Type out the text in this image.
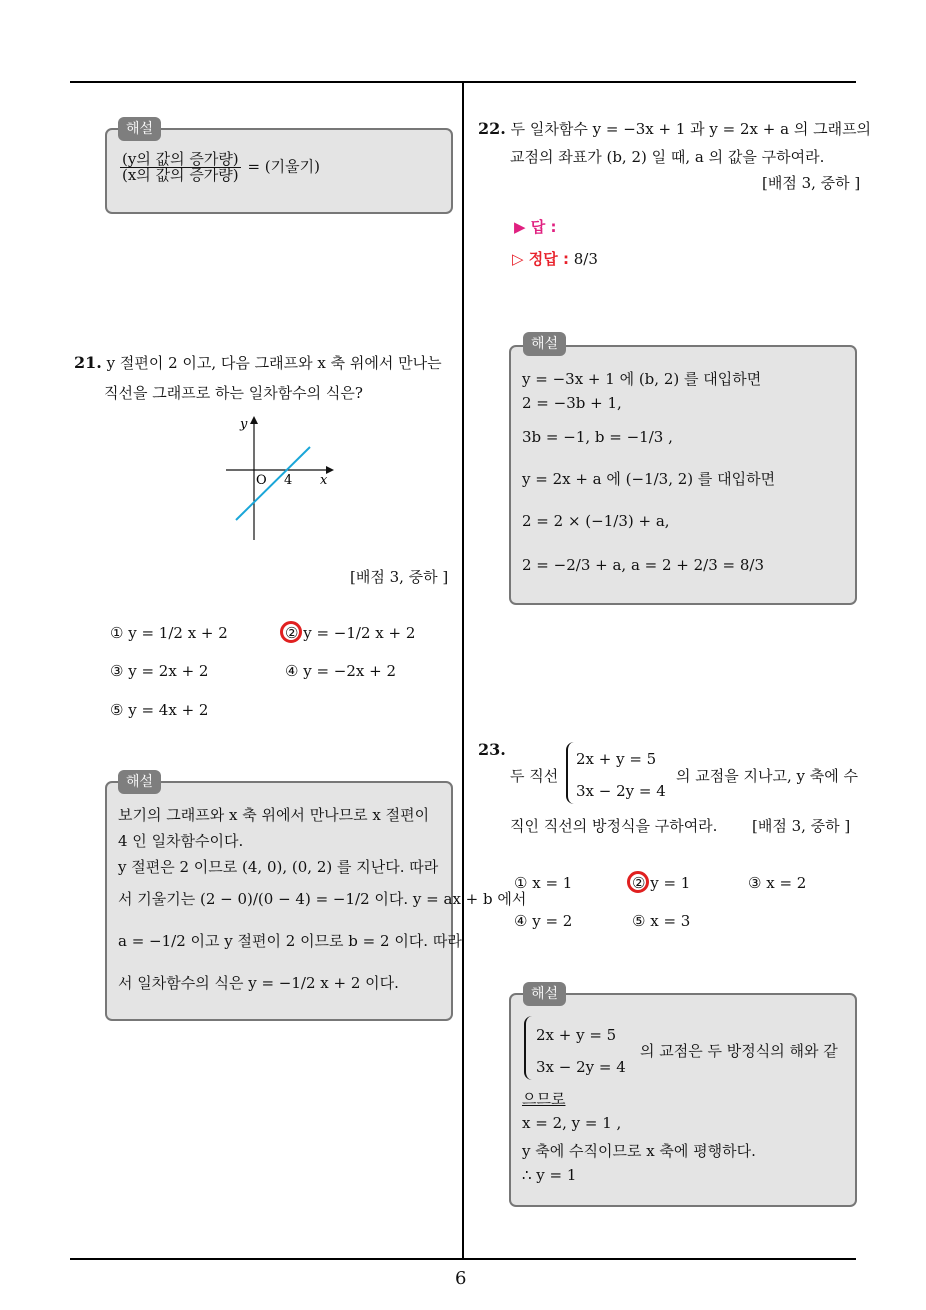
6
해설
$\frac{\text{(y의 값의 증가량)}}{\text{(x의 값의 증가량)}}$ = (기울기)
21. y 절편이 2 이고, 다음 그래프와 x 축 위에서 만나는
직선을 그래프로 하는 일차함수의 식은?
y
x
O 4
[배점 3, 중하 ]
① y = 1/2 x + 2	② y = −1/2 x + 2
③ y = 2x + 2	④ y = −2x + 2
⑤ y = 4x + 2
해설
보기의 그래프와 x 축 위에서 만나므로 x 절편이
4 인 일차함수이다.
y 절편은 2 이므로 (4, 0), (0, 2) 를 지난다. 따라
서 기울기는 (2 − 0)/(0 − 4) = −1/2 이다. y = ax + b 에서
a = −1/2 이고 y 절편이 2 이므로 b = 2 이다. 따라
서 일차함수의 식은 y = −1/2 x + 2 이다.
22. 두 일차함수 y = −3x + 1 과 y = 2x + a 의 그래프의
교점의 좌표가 (b, 2) 일 때, a 의 값을 구하여라.
[배점 3, 중하 ]
▶ 답 :
▷ 정답 : 8/3
해설
y = −3x + 1 에 (b, 2) 를 대입하면
2 = −3b + 1,
3b = −1, b = −1/3 ,
y = 2x + a 에 (−1/3, 2) 를 대입하면
2 = 2 × (−1/3) + a,
2 = −2/3 + a, a = 2 + 2/3 = 8/3
23.
두 직선
2x + y = 5
3x − 2y = 4
의 교점을 지나고, y 축에 수
직인 직선의 방정식을 구하여라. [배점 3, 중하 ]
① x = 1	② y = 1	③ x = 2
④ y = 2	⑤ x = 3
해설
2x + y = 5
3x − 2y = 4
의 교점은 두 방정식의 해와 같
으므로
x = 2, y = 1 ,
y 축에 수직이므로 x 축에 평행하다.
∴ y = 1
